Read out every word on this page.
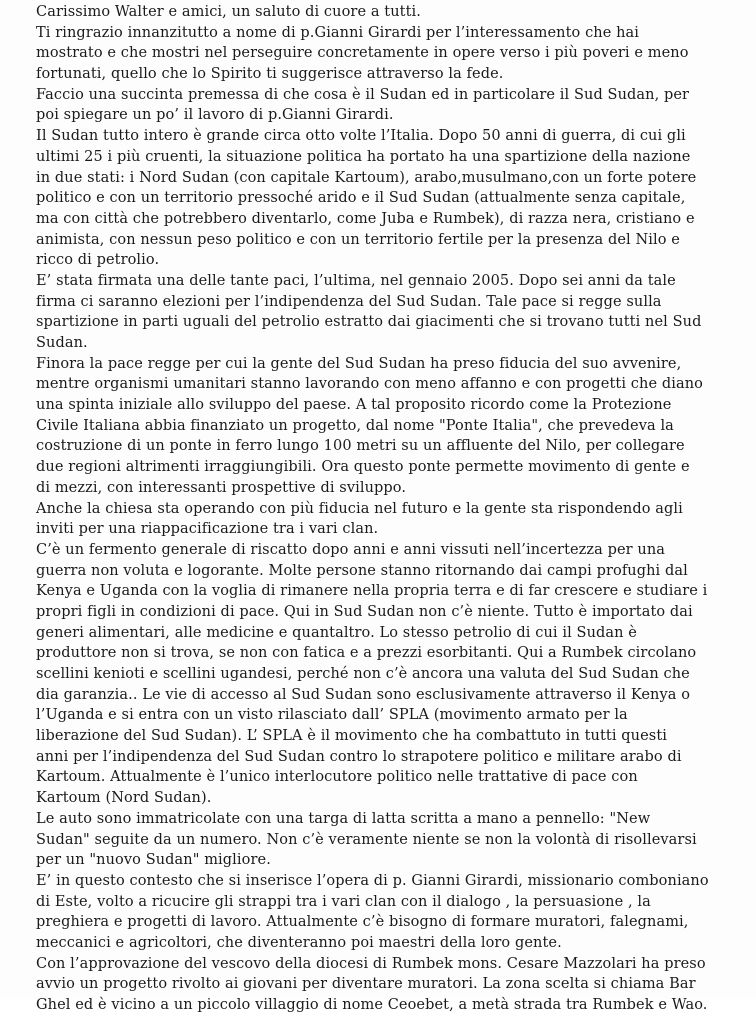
Carissimo Walter e amici, un saluto di cuore a tutti.
Ti ringrazio innanzitutto a nome di p.Gianni Girardi per l’interessamento che hai
mostrato e che mostri nel perseguire concretamente in opere verso i più poveri e meno
fortunati, quello che lo Spirito ti suggerisce attraverso la fede.
Faccio una succinta premessa di che cosa è il Sudan ed in particolare il Sud Sudan, per
poi spiegare un po’ il lavoro di p.Gianni Girardi.
Il Sudan tutto intero è grande circa otto volte l’Italia. Dopo 50 anni di guerra, di cui gli
ultimi 25 i più cruenti, la situazione politica ha portato ha una spartizione della nazione
in due stati: i Nord Sudan (con capitale Kartoum), arabo,musulmano,con un forte potere
politico e con un territorio pressoché arido e il Sud Sudan (attualmente senza capitale,
ma con città che potrebbero diventarlo, come Juba e Rumbek), di razza nera, cristiano e
animista, con nessun peso politico e con un territorio fertile per la presenza del Nilo e
ricco di petrolio.
E’ stata firmata una delle tante paci, l’ultima, nel gennaio 2005. Dopo sei anni da tale
firma ci saranno elezioni per l’indipendenza del Sud Sudan. Tale pace si regge sulla
spartizione in parti uguali del petrolio estratto dai giacimenti che si trovano tutti nel Sud
Sudan.
Finora la pace regge per cui la gente del Sud Sudan ha preso fiducia del suo avvenire,
mentre organismi umanitari stanno lavorando con meno affanno e con progetti che diano
una spinta iniziale allo sviluppo del paese. A tal proposito ricordo come la Protezione
Civile Italiana abbia finanziato un progetto, dal nome "Ponte Italia", che prevedeva la
costruzione di un ponte in ferro lungo 100 metri su un affluente del Nilo, per collegare
due regioni altrimenti irraggiungibili. Ora questo ponte permette movimento di gente e
di mezzi, con interessanti prospettive di sviluppo.
Anche la chiesa sta operando con più fiducia nel futuro e la gente sta rispondendo agli
inviti per una riappacificazione tra i vari clan.
C’è un fermento generale di riscatto dopo anni e anni vissuti nell’incertezza per una
guerra non voluta e logorante. Molte persone stanno ritornando dai campi profughi dal
Kenya e Uganda con la voglia di rimanere nella propria terra e di far crescere e studiare i
propri figli in condizioni di pace. Qui in Sud Sudan non c’è niente. Tutto è importato dai
generi alimentari, alle medicine e quantaltro. Lo stesso petrolio di cui il Sudan è
produttore non si trova, se non con fatica e a prezzi esorbitanti. Qui a Rumbek circolano
scellini kenioti e scellini ugandesi, perché non c’è ancora una valuta del Sud Sudan che
dia garanzia.. Le vie di accesso al Sud Sudan sono esclusivamente attraverso il Kenya o
l’Uganda e si entra con un visto rilasciato dall’ SPLA (movimento armato per la
liberazione del Sud Sudan). L’ SPLA è il movimento che ha combattuto in tutti questi
anni per l’indipendenza del Sud Sudan contro lo strapotere politico e militare arabo di
Kartoum. Attualmente è l’unico interlocutore politico nelle trattative di pace con
Kartoum (Nord Sudan).
Le auto sono immatricolate con una targa di latta scritta a mano a pennello: "New
Sudan" seguite da un numero. Non c’è veramente niente se non la volontà di risollevarsi
per un "nuovo Sudan" migliore.
E’ in questo contesto che si inserisce l’opera di p. Gianni Girardi, missionario comboniano
di Este, volto a ricucire gli strappi tra i vari clan con il dialogo , la persuasione , la
preghiera e progetti di lavoro. Attualmente c’è bisogno di formare muratori, falegnami,
meccanici e agricoltori, che diventeranno poi maestri della loro gente.
Con l’approvazione del vescovo della diocesi di Rumbek mons. Cesare Mazzolari ha preso
avvio un progetto rivolto ai giovani per diventare muratori. La zona scelta si chiama Bar
Ghel ed è vicino a un piccolo villaggio di nome Ceoebet, a metà strada tra Rumbek e Wao.
